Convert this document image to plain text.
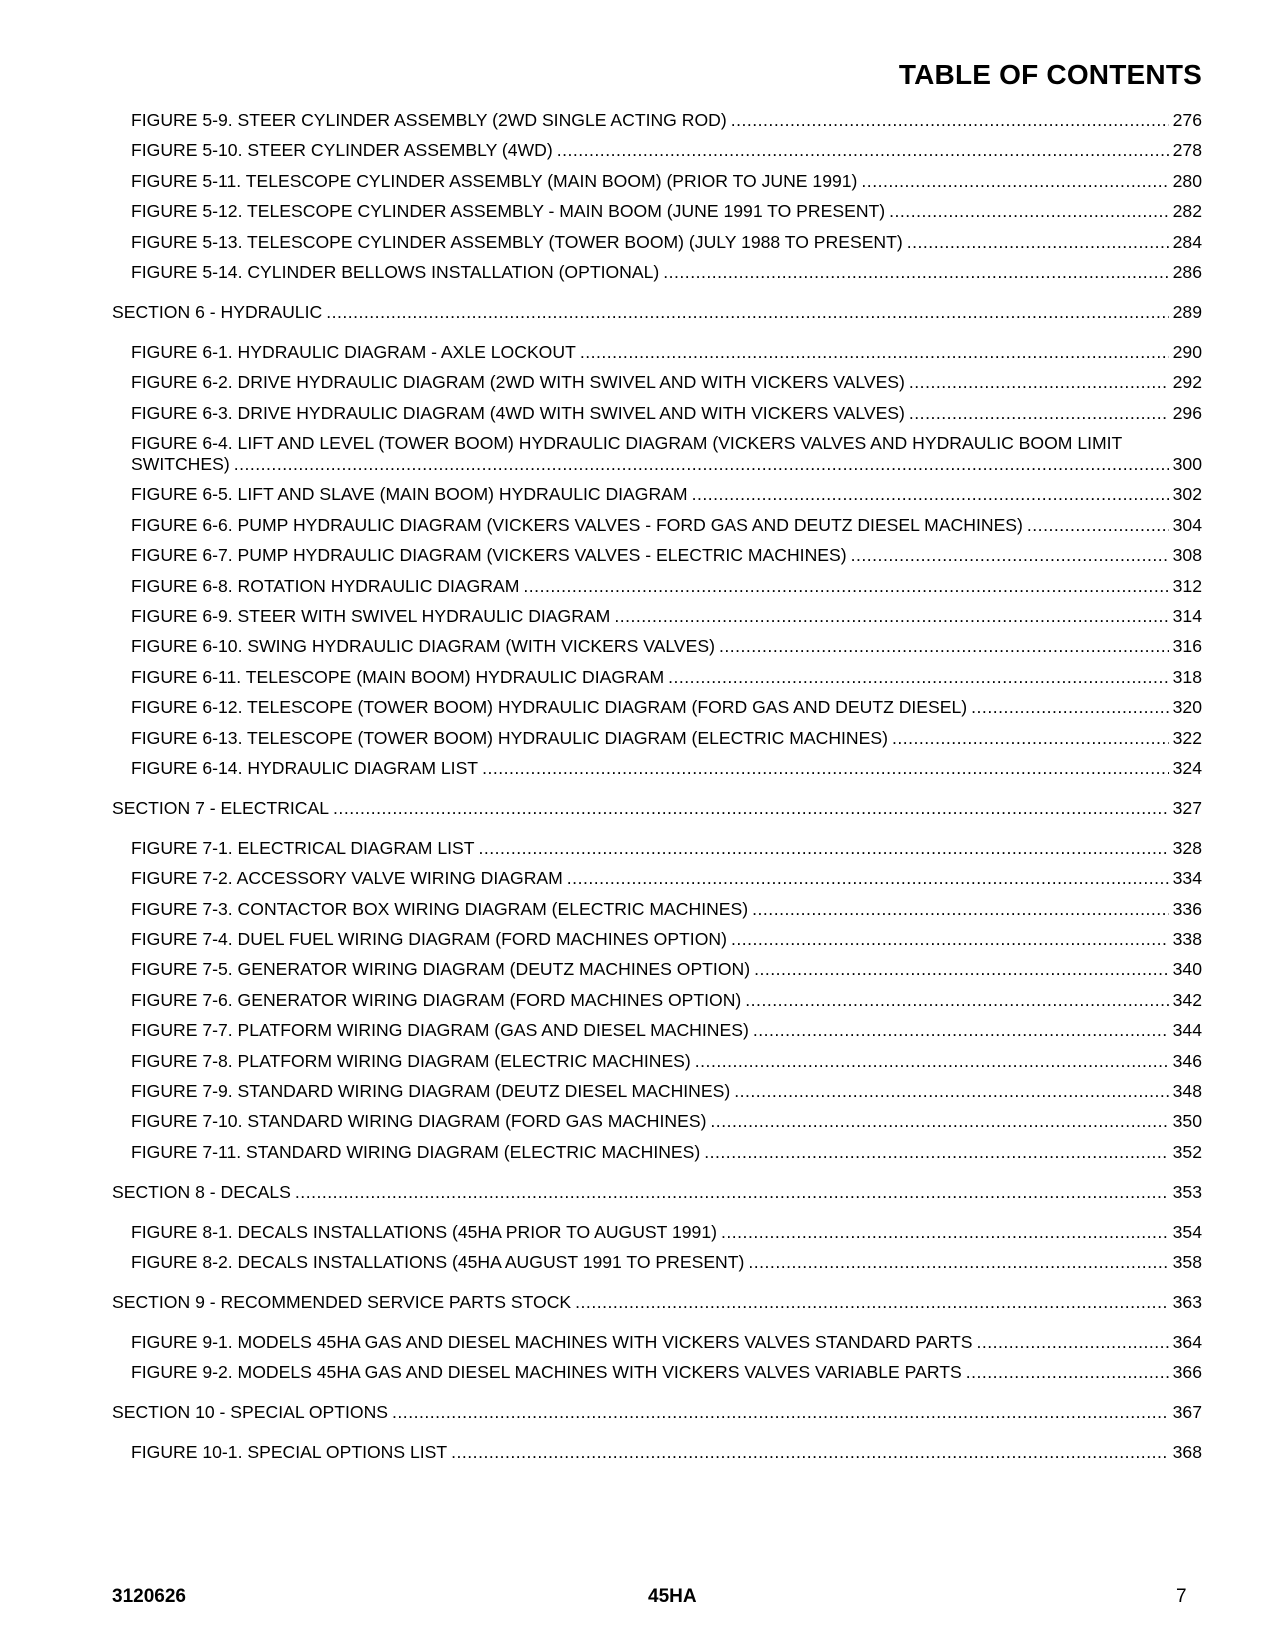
TABLE OF CONTENTS
FIGURE 5-9. STEER CYLINDER ASSEMBLY (2WD SINGLE ACTING ROD) .....	276
FIGURE 5-10. STEER CYLINDER ASSEMBLY (4WD) .....	278
FIGURE 5-11. TELESCOPE CYLINDER ASSEMBLY (MAIN BOOM) (PRIOR TO JUNE 1991) .....	280
FIGURE 5-12. TELESCOPE CYLINDER ASSEMBLY - MAIN BOOM (JUNE 1991 TO PRESENT) .....	282
FIGURE 5-13. TELESCOPE CYLINDER ASSEMBLY (TOWER BOOM) (JULY 1988 TO PRESENT) .....	284
FIGURE 5-14. CYLINDER BELLOWS INSTALLATION (OPTIONAL) .....	286
SECTION 6 - HYDRAULIC .....	289
FIGURE 6-1. HYDRAULIC DIAGRAM - AXLE LOCKOUT .....	290
FIGURE 6-2. DRIVE HYDRAULIC DIAGRAM (2WD WITH SWIVEL AND WITH VICKERS VALVES) .....	292
FIGURE 6-3. DRIVE HYDRAULIC DIAGRAM (4WD WITH SWIVEL AND WITH VICKERS VALVES) .....	296
FIGURE 6-4. LIFT AND LEVEL (TOWER BOOM) HYDRAULIC DIAGRAM (VICKERS VALVES AND HYDRAULIC BOOM LIMIT
SWITCHES) .....	300
FIGURE 6-5. LIFT AND SLAVE (MAIN BOOM) HYDRAULIC DIAGRAM .....	302
FIGURE 6-6. PUMP HYDRAULIC DIAGRAM (VICKERS VALVES - FORD GAS AND DEUTZ DIESEL MACHINES) .....	304
FIGURE 6-7. PUMP HYDRAULIC DIAGRAM (VICKERS VALVES - ELECTRIC MACHINES) .....	308
FIGURE 6-8. ROTATION HYDRAULIC DIAGRAM .....	312
FIGURE 6-9. STEER WITH SWIVEL HYDRAULIC DIAGRAM .....	314
FIGURE 6-10. SWING HYDRAULIC DIAGRAM (WITH VICKERS VALVES) .....	316
FIGURE 6-11. TELESCOPE (MAIN BOOM) HYDRAULIC DIAGRAM .....	318
FIGURE 6-12. TELESCOPE (TOWER BOOM) HYDRAULIC DIAGRAM (FORD GAS AND DEUTZ DIESEL) .....	320
FIGURE 6-13. TELESCOPE (TOWER BOOM) HYDRAULIC DIAGRAM (ELECTRIC MACHINES) .....	322
FIGURE 6-14. HYDRAULIC DIAGRAM LIST .....	324
SECTION 7 - ELECTRICAL .....	327
FIGURE 7-1. ELECTRICAL DIAGRAM LIST .....	328
FIGURE 7-2. ACCESSORY VALVE WIRING DIAGRAM .....	334
FIGURE 7-3. CONTACTOR BOX WIRING DIAGRAM (ELECTRIC MACHINES) .....	336
FIGURE 7-4. DUEL FUEL WIRING DIAGRAM (FORD MACHINES OPTION) .....	338
FIGURE 7-5. GENERATOR WIRING DIAGRAM (DEUTZ MACHINES OPTION) .....	340
FIGURE 7-6. GENERATOR WIRING DIAGRAM (FORD MACHINES OPTION) .....	342
FIGURE 7-7. PLATFORM WIRING DIAGRAM (GAS AND DIESEL MACHINES) .....	344
FIGURE 7-8. PLATFORM WIRING DIAGRAM (ELECTRIC MACHINES) .....	346
FIGURE 7-9. STANDARD WIRING DIAGRAM (DEUTZ DIESEL MACHINES) .....	348
FIGURE 7-10. STANDARD WIRING DIAGRAM (FORD GAS MACHINES) .....	350
FIGURE 7-11. STANDARD WIRING DIAGRAM (ELECTRIC MACHINES) .....	352
SECTION 8 - DECALS .....	353
FIGURE 8-1. DECALS INSTALLATIONS (45HA PRIOR TO AUGUST 1991) .....	354
FIGURE 8-2. DECALS INSTALLATIONS (45HA AUGUST 1991 TO PRESENT) .....	358
SECTION 9 - RECOMMENDED SERVICE PARTS STOCK .....	363
FIGURE 9-1. MODELS 45HA GAS AND DIESEL MACHINES WITH VICKERS VALVES STANDARD PARTS .....	364
FIGURE 9-2. MODELS 45HA GAS AND DIESEL MACHINES WITH VICKERS VALVES VARIABLE PARTS .....	366
SECTION 10 - SPECIAL OPTIONS .....	367
FIGURE 10-1. SPECIAL OPTIONS LIST .....	368
3120626	45HA	7
